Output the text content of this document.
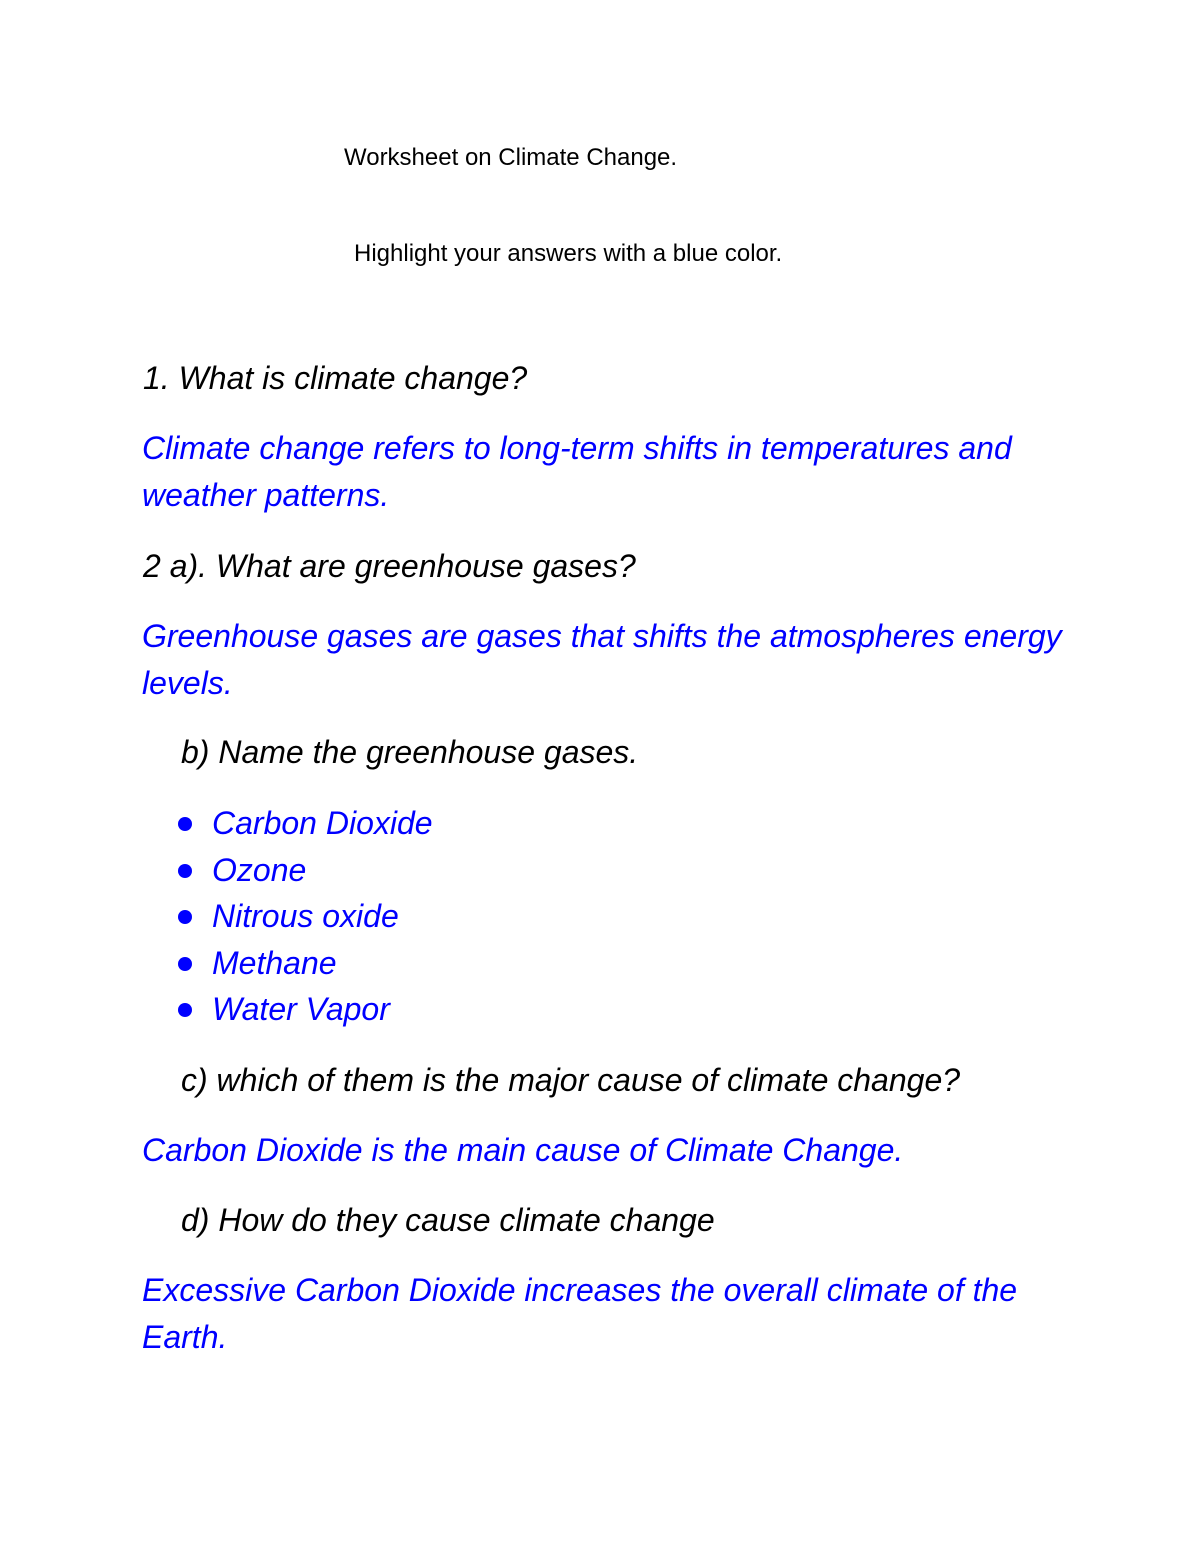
Worksheet on Climate Change.

Highlight your answers with a blue color.

1. What is climate change?

Climate change refers to long-term shifts in temperatures and weather patterns.

2 a). What are greenhouse gases?

Greenhouse gases are gases that shifts the atmospheres energy levels.

b) Name the greenhouse gases.

Carbon Dioxide
Ozone
Nitrous oxide
Methane
Water Vapor

c) which of them is the major cause of climate change?

Carbon Dioxide is the main cause of Climate Change.

d) How do they cause climate change

Excessive Carbon Dioxide increases the overall climate of the Earth.
